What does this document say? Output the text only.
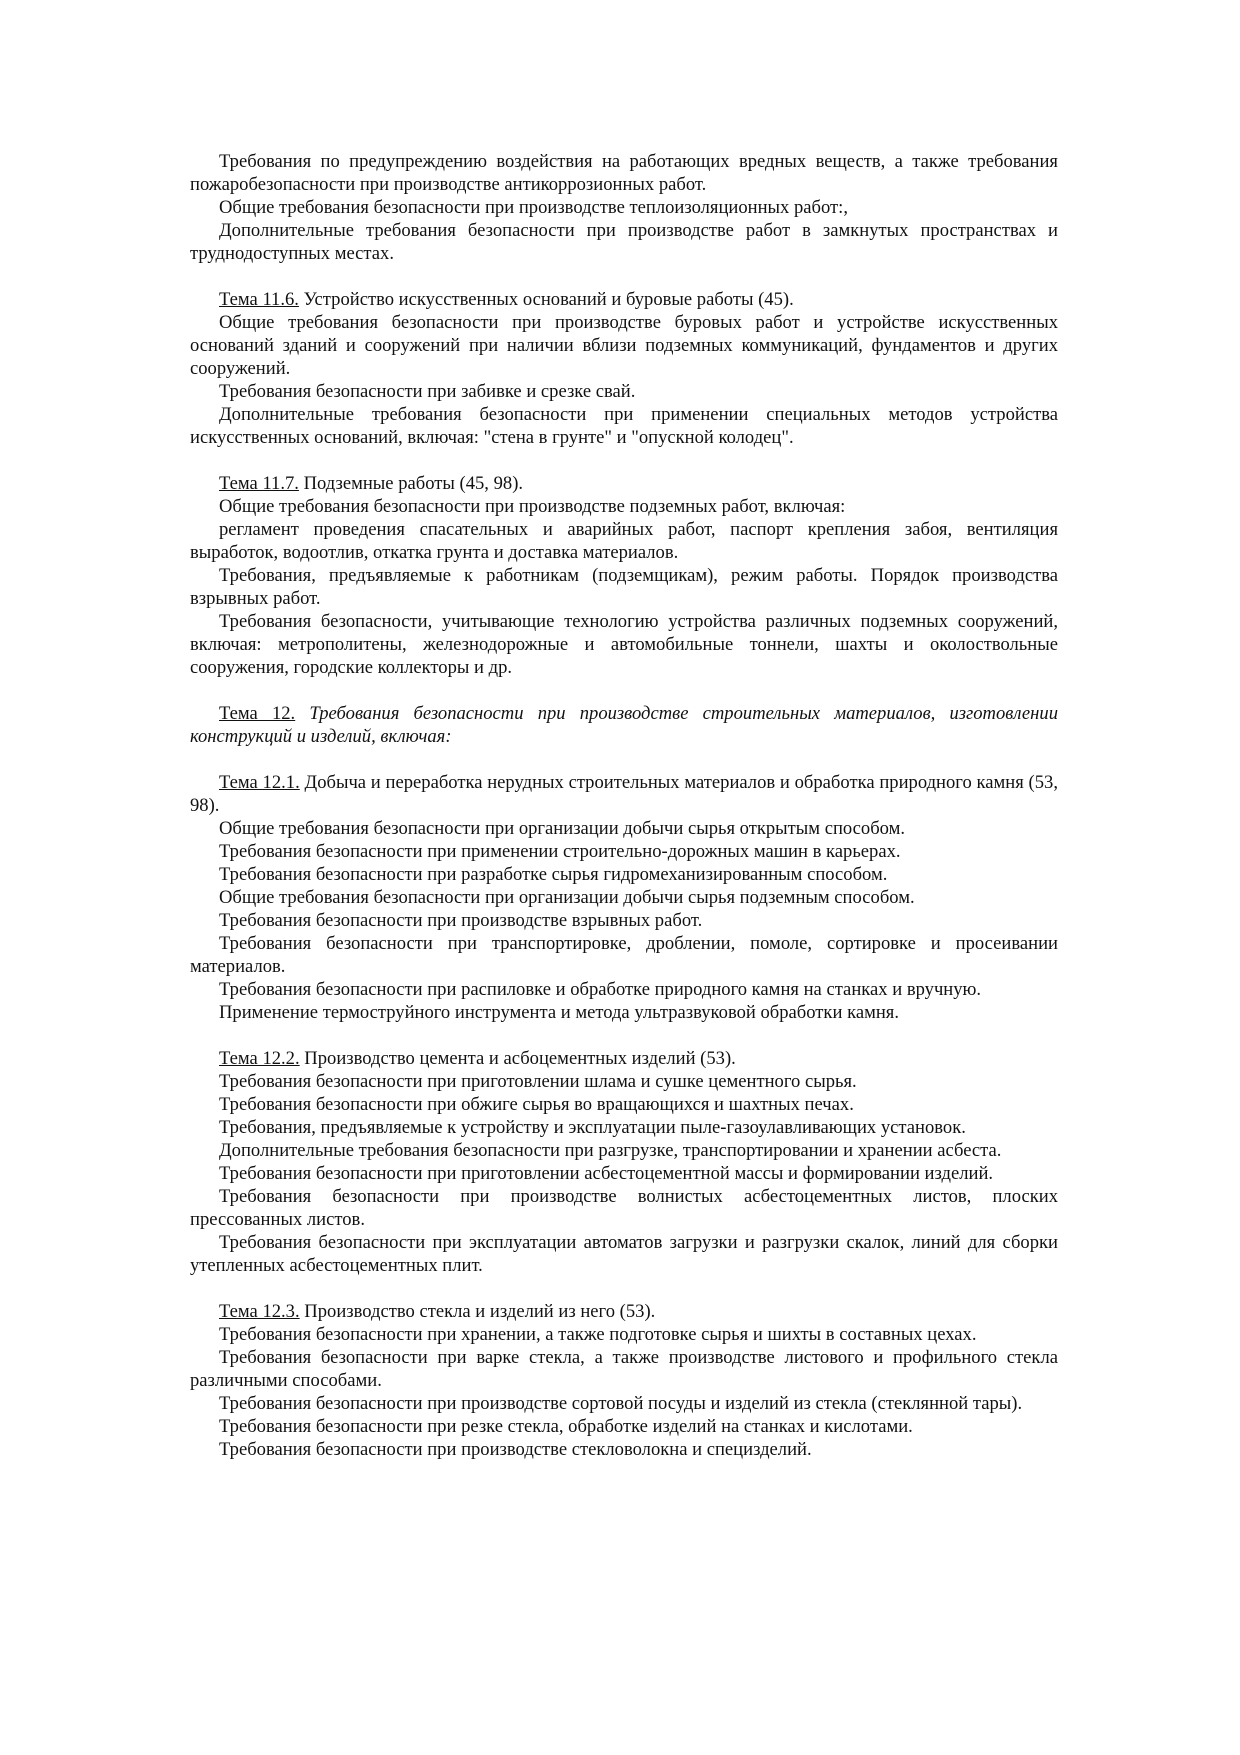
Требования по предупреждению воздействия на работающих вредных веществ, а также требования пожаробезопасности при производстве антикоррозионных работ.

Общие требования безопасности при производстве теплоизоляционных работ:,

Дополнительные требования безопасности при производстве работ в замкнутых пространствах и труднодоступных местах.

Тема 11.6. Устройство искусственных оснований и буровые работы (45).

Общие требования безопасности при производстве буровых работ и устройстве искусственных оснований зданий и сооружений при наличии вблизи подземных коммуникаций, фундаментов и других сооружений.

Требования безопасности при забивке и срезке свай.

Дополнительные требования безопасности при применении специальных методов устройства искусственных оснований, включая: "стена в грунте" и "опускной колодец".

Тема 11.7. Подземные работы (45, 98).

Общие требования безопасности при производстве подземных работ, включая:

регламент проведения спасательных и аварийных работ, паспорт крепления забоя, вентиляция выработок, водоотлив, откатка грунта и доставка материалов.

Требования, предъявляемые к работникам (подземщикам), режим работы. Порядок производства взрывных работ.

Требования безопасности, учитывающие технологию устройства различных подземных сооружений, включая: метрополитены, железнодорожные и автомобильные тоннели, шахты и околоствольные сооружения, городские коллекторы и др.

Тема 12. Требования безопасности при производстве строительных материалов, изготовлении конструкций и изделий, включая:

Тема 12.1. Добыча и переработка нерудных строительных материалов и обработка природного камня (53, 98).

Общие требования безопасности при организации добычи сырья открытым способом.

Требования безопасности при применении строительно-дорожных машин в карьерах.

Требования безопасности при разработке сырья гидромеханизированным способом.

Общие требования безопасности при организации добычи сырья подземным способом.

Требования безопасности при производстве взрывных работ.

Требования безопасности при транспортировке, дроблении, помоле, сортировке и просеивании материалов.

Требования безопасности при распиловке и обработке природного камня на станках и вручную.

Применение термоструйного инструмента и метода ультразвуковой обработки камня.

Тема 12.2. Производство цемента и асбоцементных изделий (53).

Требования безопасности при приготовлении шлама и сушке цементного сырья.

Требования безопасности при обжиге сырья во вращающихся и шахтных печах.

Требования, предъявляемые к устройству и эксплуатации пыле-газоулавливающих установок.

Дополнительные требования безопасности при разгрузке, транспортировании и хранении асбеста.

Требования безопасности при приготовлении асбестоцементной массы и формировании изделий.

Требования безопасности при производстве волнистых асбестоцементных листов, плоских прессованных листов.

Требования безопасности при эксплуатации автоматов загрузки и разгрузки скалок, линий для сборки утепленных асбестоцементных плит.

Тема 12.3. Производство стекла и изделий из него (53).

Требования безопасности при хранении, а также подготовке сырья и шихты в составных цехах.

Требования безопасности при варке стекла, а также производстве листового и профильного стекла различными способами.

Требования безопасности при производстве сортовой посуды и изделий из стекла (стеклянной тары).

Требования безопасности при резке стекла, обработке изделий на станках и кислотами.

Требования безопасности при производстве стекловолокна и специзделий.
